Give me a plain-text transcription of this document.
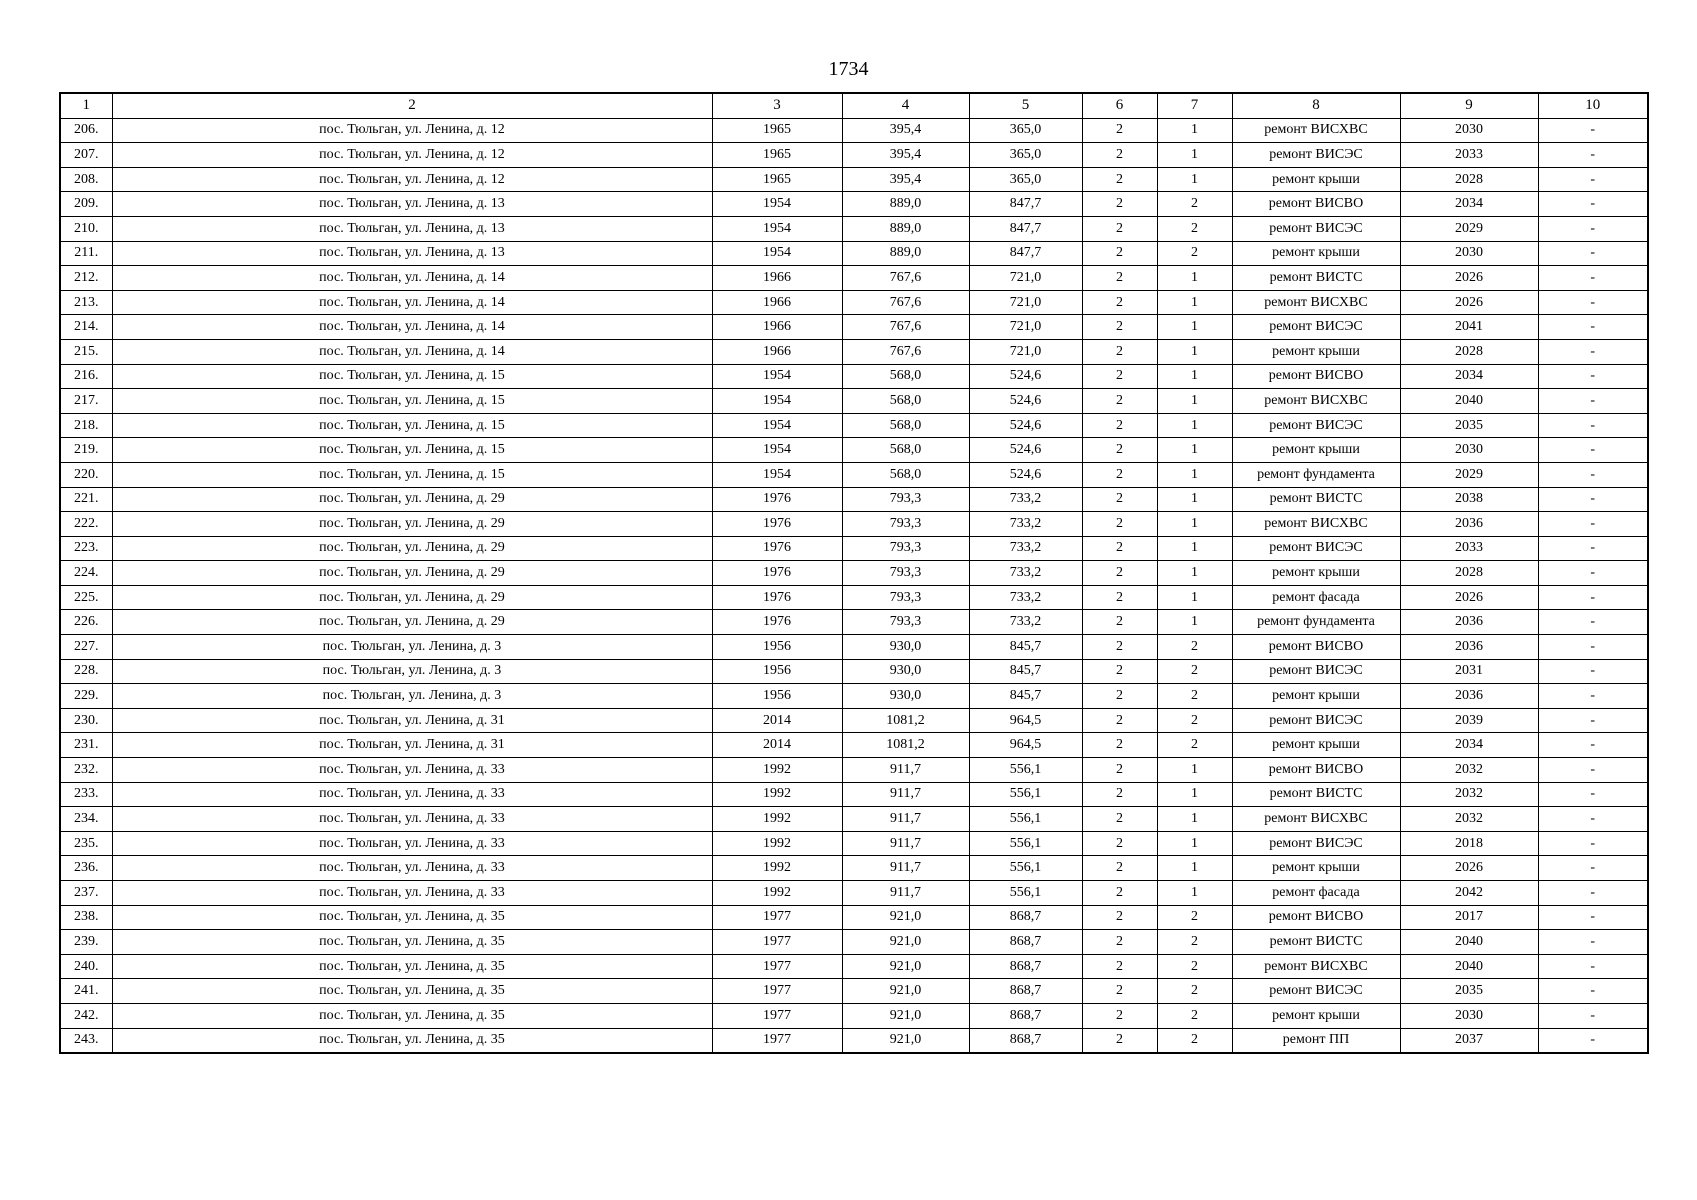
1734
1	2	3	4	5	6	7	8	9	10
206.	пос. Тюльган, ул. Ленина, д. 12	1965	395,4	365,0	2	1	ремонт ВИСХВС	2030	-
207.	пос. Тюльган, ул. Ленина, д. 12	1965	395,4	365,0	2	1	ремонт ВИСЭС	2033	-
208.	пос. Тюльган, ул. Ленина, д. 12	1965	395,4	365,0	2	1	ремонт крыши	2028	-
209.	пос. Тюльган, ул. Ленина, д. 13	1954	889,0	847,7	2	2	ремонт ВИСВО	2034	-
210.	пос. Тюльган, ул. Ленина, д. 13	1954	889,0	847,7	2	2	ремонт ВИСЭС	2029	-
211.	пос. Тюльган, ул. Ленина, д. 13	1954	889,0	847,7	2	2	ремонт крыши	2030	-
212.	пос. Тюльган, ул. Ленина, д. 14	1966	767,6	721,0	2	1	ремонт ВИСТС	2026	-
213.	пос. Тюльган, ул. Ленина, д. 14	1966	767,6	721,0	2	1	ремонт ВИСХВС	2026	-
214.	пос. Тюльган, ул. Ленина, д. 14	1966	767,6	721,0	2	1	ремонт ВИСЭС	2041	-
215.	пос. Тюльган, ул. Ленина, д. 14	1966	767,6	721,0	2	1	ремонт крыши	2028	-
216.	пос. Тюльган, ул. Ленина, д. 15	1954	568,0	524,6	2	1	ремонт ВИСВО	2034	-
217.	пос. Тюльган, ул. Ленина, д. 15	1954	568,0	524,6	2	1	ремонт ВИСХВС	2040	-
218.	пос. Тюльган, ул. Ленина, д. 15	1954	568,0	524,6	2	1	ремонт ВИСЭС	2035	-
219.	пос. Тюльган, ул. Ленина, д. 15	1954	568,0	524,6	2	1	ремонт крыши	2030	-
220.	пос. Тюльган, ул. Ленина, д. 15	1954	568,0	524,6	2	1	ремонт фундамента	2029	-
221.	пос. Тюльган, ул. Ленина, д. 29	1976	793,3	733,2	2	1	ремонт ВИСТС	2038	-
222.	пос. Тюльган, ул. Ленина, д. 29	1976	793,3	733,2	2	1	ремонт ВИСХВС	2036	-
223.	пос. Тюльган, ул. Ленина, д. 29	1976	793,3	733,2	2	1	ремонт ВИСЭС	2033	-
224.	пос. Тюльган, ул. Ленина, д. 29	1976	793,3	733,2	2	1	ремонт крыши	2028	-
225.	пос. Тюльган, ул. Ленина, д. 29	1976	793,3	733,2	2	1	ремонт фасада	2026	-
226.	пос. Тюльган, ул. Ленина, д. 29	1976	793,3	733,2	2	1	ремонт фундамента	2036	-
227.	пос. Тюльган, ул. Ленина, д. 3	1956	930,0	845,7	2	2	ремонт ВИСВО	2036	-
228.	пос. Тюльган, ул. Ленина, д. 3	1956	930,0	845,7	2	2	ремонт ВИСЭС	2031	-
229.	пос. Тюльган, ул. Ленина, д. 3	1956	930,0	845,7	2	2	ремонт крыши	2036	-
230.	пос. Тюльган, ул. Ленина, д. 31	2014	1081,2	964,5	2	2	ремонт ВИСЭС	2039	-
231.	пос. Тюльган, ул. Ленина, д. 31	2014	1081,2	964,5	2	2	ремонт крыши	2034	-
232.	пос. Тюльган, ул. Ленина, д. 33	1992	911,7	556,1	2	1	ремонт ВИСВО	2032	-
233.	пос. Тюльган, ул. Ленина, д. 33	1992	911,7	556,1	2	1	ремонт ВИСТС	2032	-
234.	пос. Тюльган, ул. Ленина, д. 33	1992	911,7	556,1	2	1	ремонт ВИСХВС	2032	-
235.	пос. Тюльган, ул. Ленина, д. 33	1992	911,7	556,1	2	1	ремонт ВИСЭС	2018	-
236.	пос. Тюльган, ул. Ленина, д. 33	1992	911,7	556,1	2	1	ремонт крыши	2026	-
237.	пос. Тюльган, ул. Ленина, д. 33	1992	911,7	556,1	2	1	ремонт фасада	2042	-
238.	пос. Тюльган, ул. Ленина, д. 35	1977	921,0	868,7	2	2	ремонт ВИСВО	2017	-
239.	пос. Тюльган, ул. Ленина, д. 35	1977	921,0	868,7	2	2	ремонт ВИСТС	2040	-
240.	пос. Тюльган, ул. Ленина, д. 35	1977	921,0	868,7	2	2	ремонт ВИСХВС	2040	-
241.	пос. Тюльган, ул. Ленина, д. 35	1977	921,0	868,7	2	2	ремонт ВИСЭС	2035	-
242.	пос. Тюльган, ул. Ленина, д. 35	1977	921,0	868,7	2	2	ремонт крыши	2030	-
243.	пос. Тюльган, ул. Ленина, д. 35	1977	921,0	868,7	2	2	ремонт ПП	2037	-
